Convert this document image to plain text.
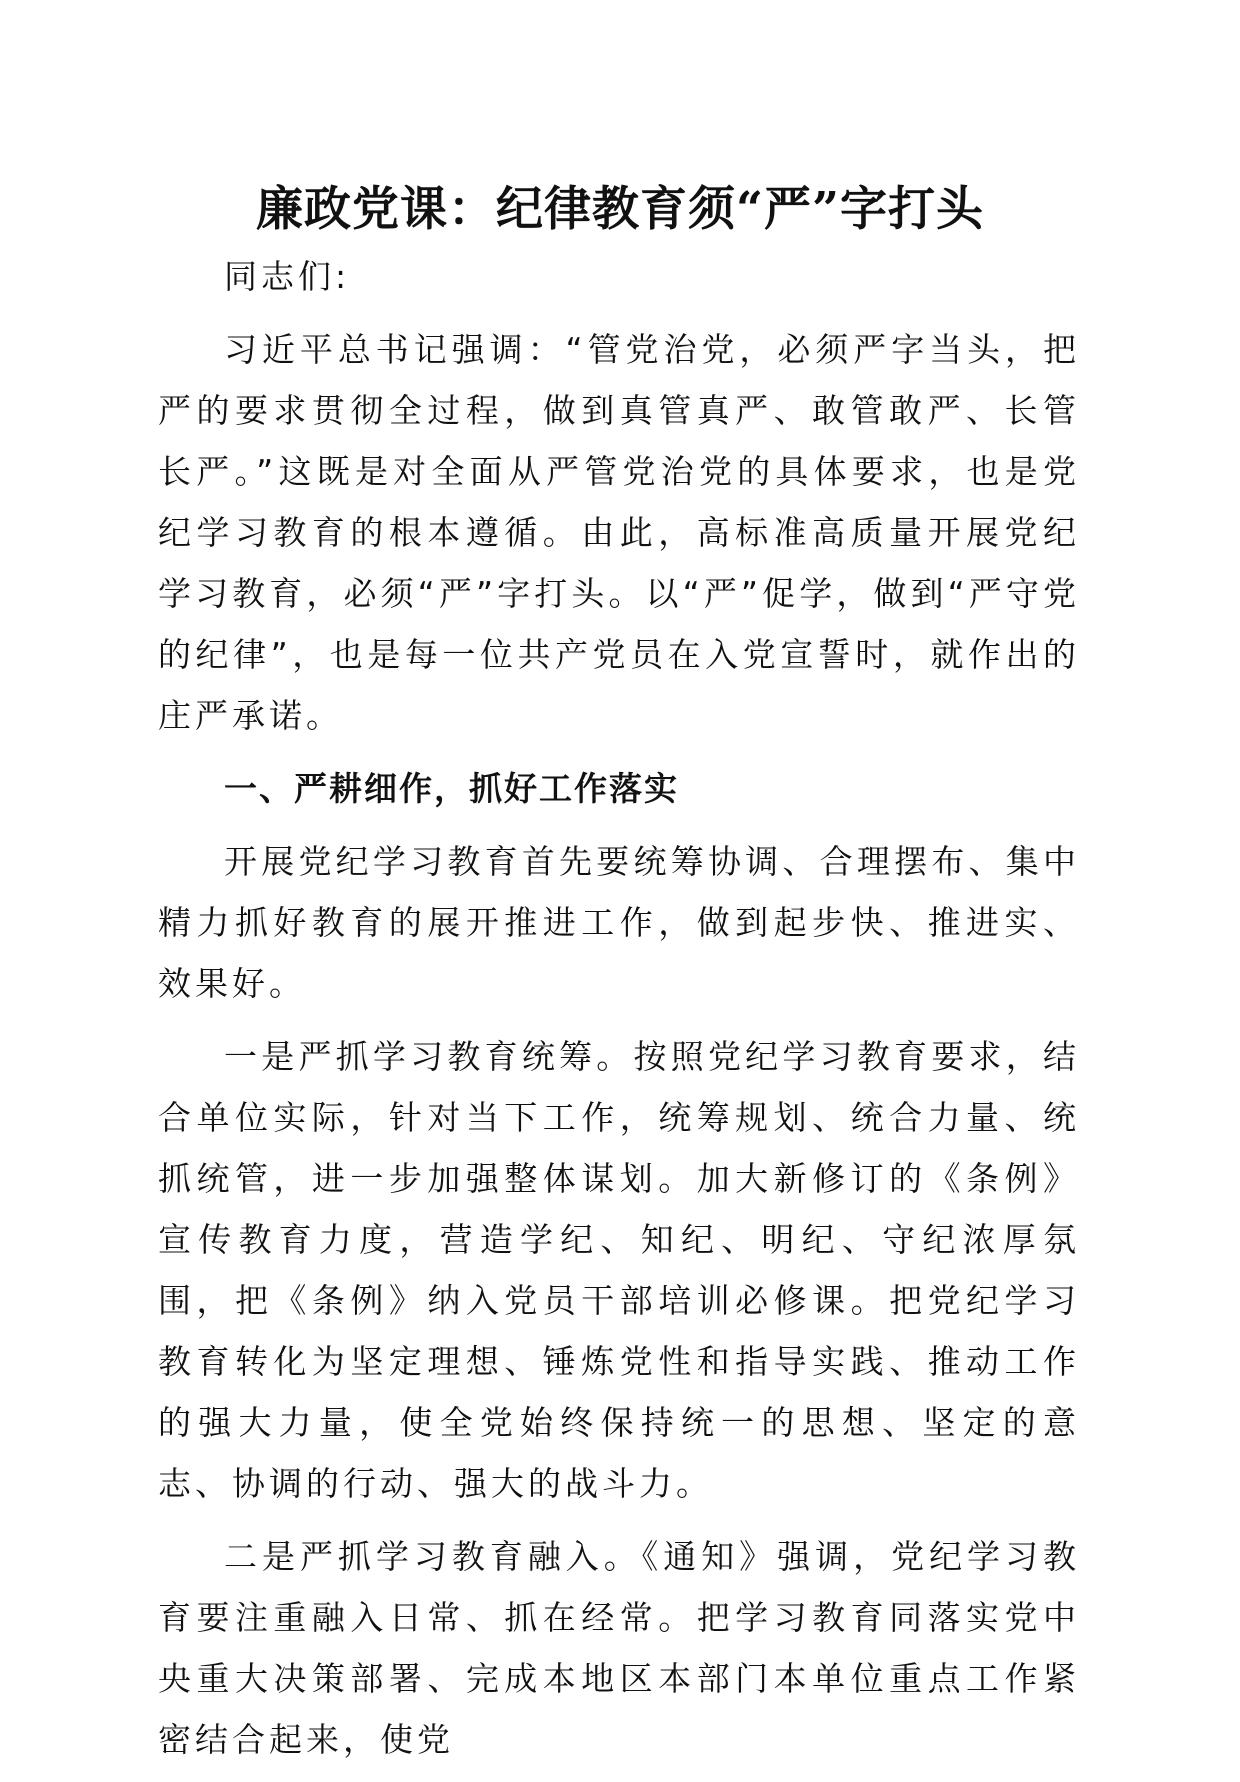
廉政党课：纪律教育须“严”字打头

同志们:

习近平总书记强调：“管党治党，必须严字当头，把严的要求贯彻全过程，做到真管真严、敢管敢严、长管长严。”这既是对全面从严管党治党的具体要求，也是党纪学习教育的根本遵循。由此，高标准高质量开展党纪学习教育，必须“严”字打头。以“严”促学，做到“严守党的纪律”，也是每一位共产党员在入党宣誓时，就作出的庄严承诺。

一、严耕细作，抓好工作落实

开展党纪学习教育首先要统筹协调、合理摆布、集中精力抓好教育的展开推进工作，做到起步快、推进实、效果好。

一是严抓学习教育统筹。按照党纪学习教育要求，结合单位实际，针对当下工作，统筹规划、统合力量、统抓统管，进一步加强整体谋划。加大新修订的《条例》宣传教育力度，营造学纪、知纪、明纪、守纪浓厚氛围，把《条例》纳入党员干部培训必修课。把党纪学习教育转化为坚定理想、锤炼党性和指导实践、推动工作的强大力量，使全党始终保持统一的思想、坚定的意志、协调的行动、强大的战斗力。

二是严抓学习教育融入。《通知》强调，党纪学习教育要注重融入日常、抓在经常。把学习教育同落实党中央重大决策部署、完成本地区本部门本单位重点工作紧密结合起来，使党
